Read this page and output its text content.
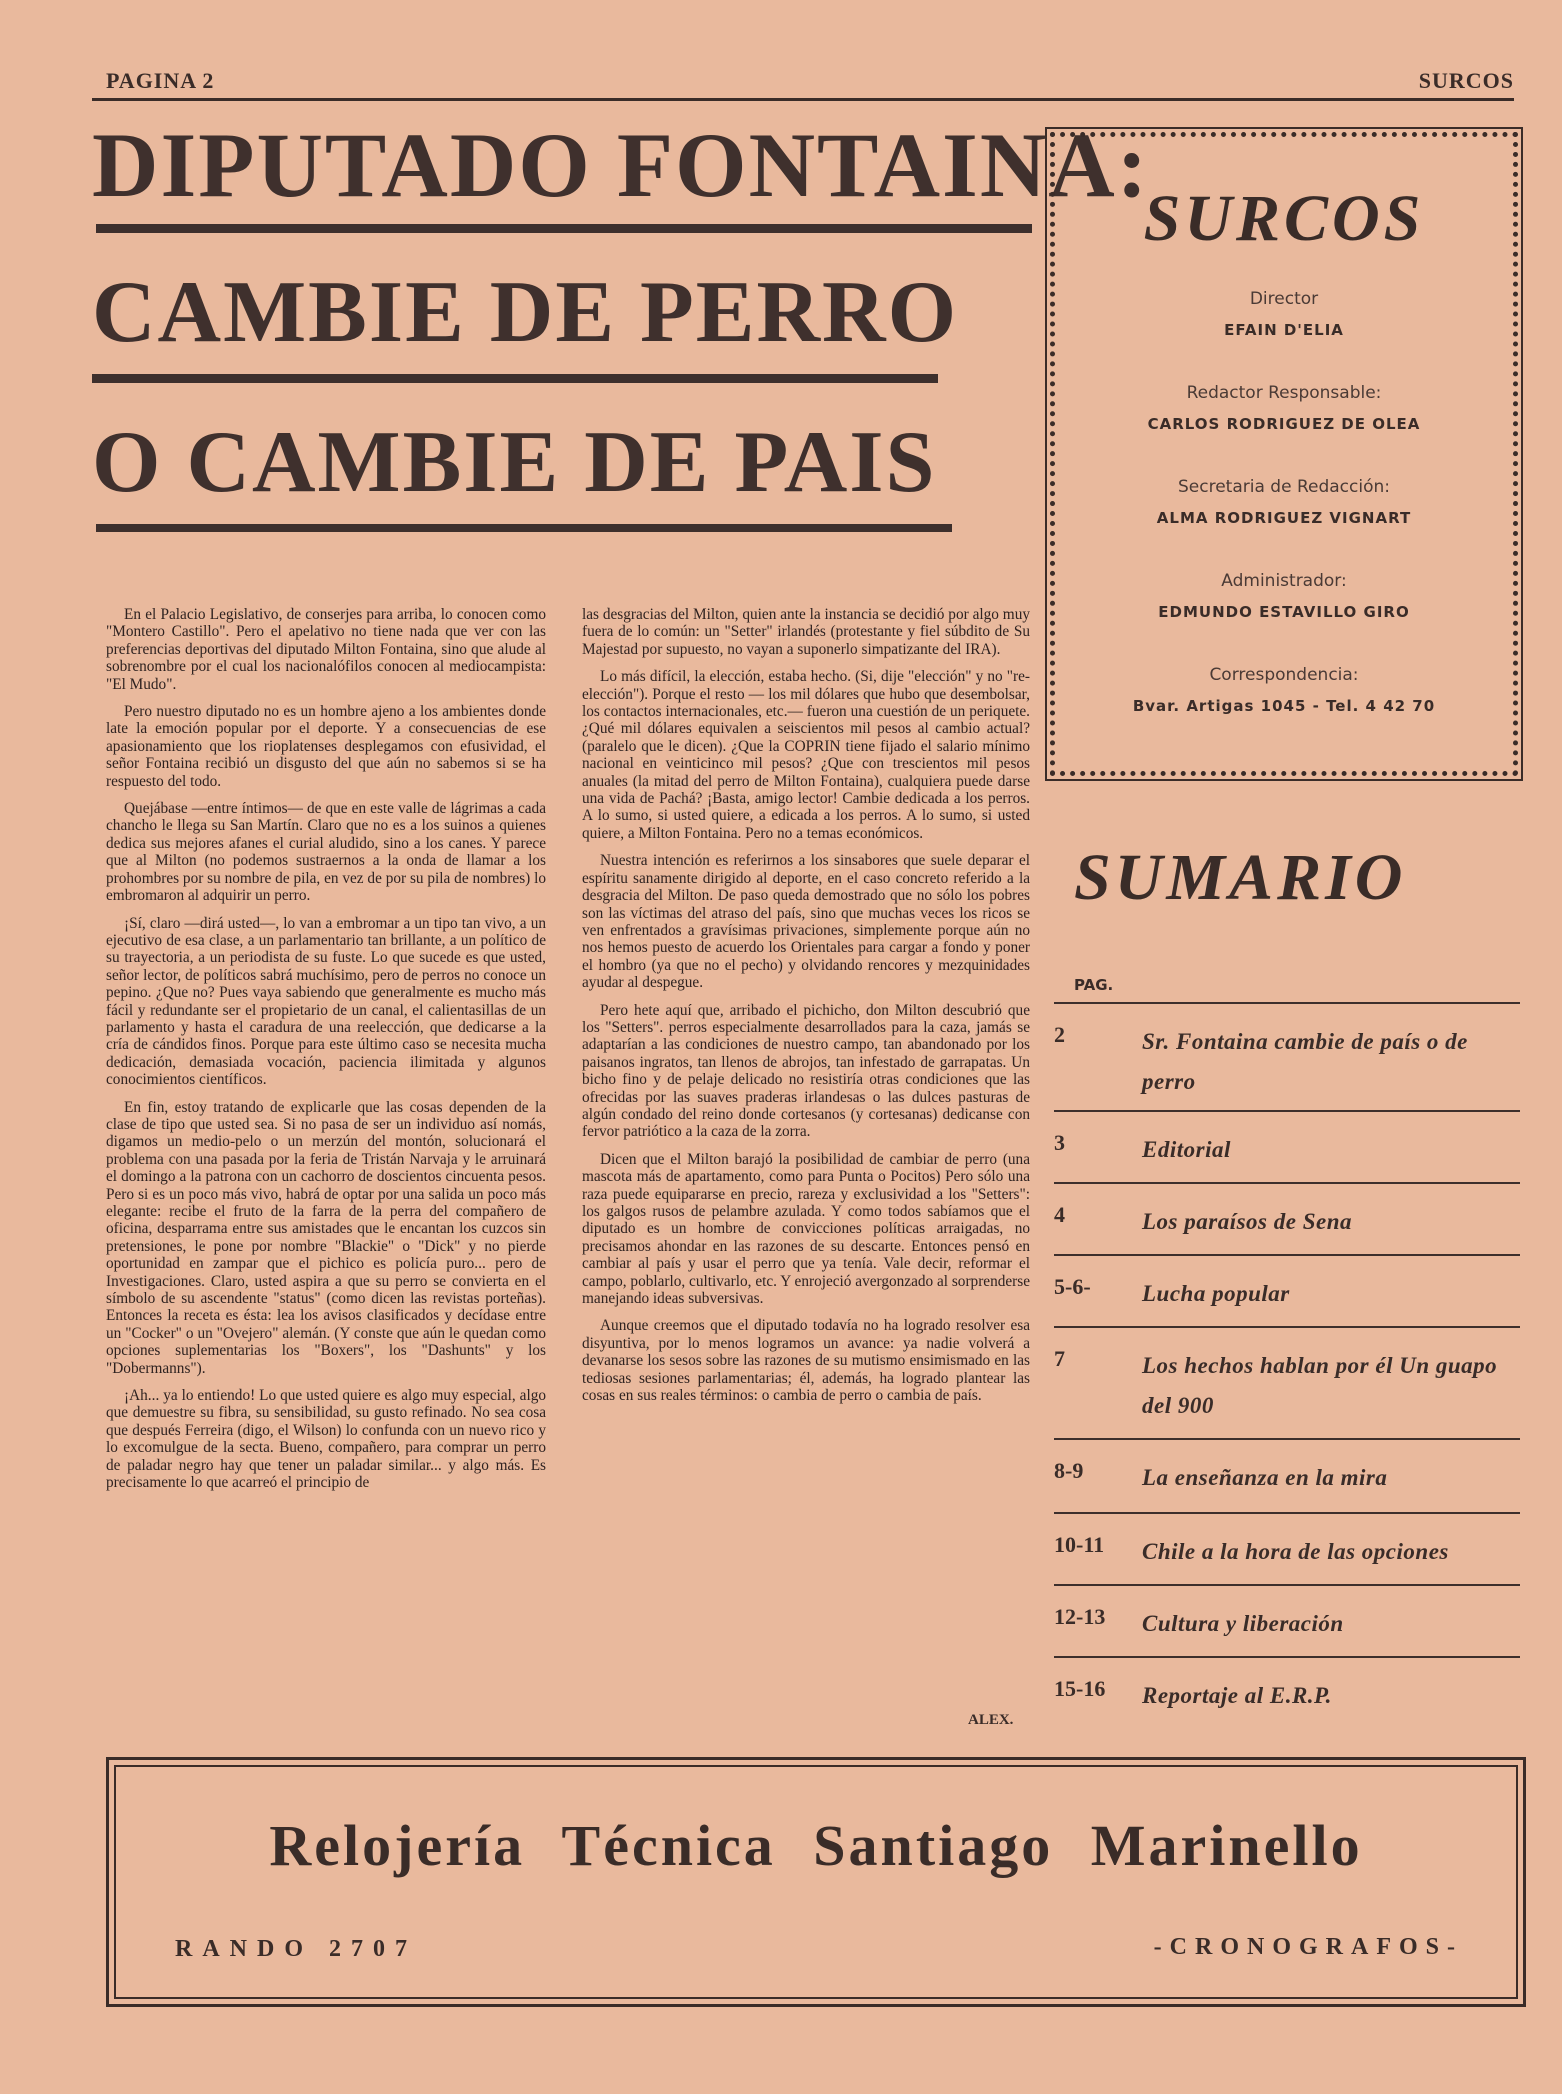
PAGINA 2	SURCOS
DIPUTADO FONTAINA:
CAMBIE DE PERRO
O CAMBIE DE PAIS
SURCOS
Director
EFAIN D'ELIA
Redactor Responsable:
CARLOS RODRIGUEZ DE OLEA
Secretaria de Redacción:
ALMA RODRIGUEZ VIGNART
Administrador:
EDMUNDO ESTAVILLO GIRO
Correspondencia:
Bvar. Artigas 1045 - Tel. 4 42 70
SUMARIO
PAG.
2	Sr. Fontaina cambie de país o de perro
3	Editorial
4	Los paraísos de Sena
5-6- Lucha popular
7	Los hechos hablan por él Un guapo del 900
8-9	La enseñanza en la mira
10-11 Chile a la hora de las opciones
12-13 Cultura y liberación
15-16 Reportaje al E.R.P.

En el Palacio Legislativo, de conserjes para arriba, lo conocen como "Montero Castillo". Pero el apelativo no tiene nada que ver con las preferencias deportivas del diputado Milton Fontaina, sino que alude al sobrenombre por el cual los nacionalófilos conocen al mediocampista: "El Mudo".

Pero nuestro diputado no es un hombre ajeno a los ambientes donde late la emoción popular por el deporte. Y a consecuencias de ese apasionamiento que los rioplatenses desplegamos con efusividad, el señor Fontaina recibió un disgusto del que aún no sabemos si se ha respuesto del todo.

Quejábase —entre íntimos— de que en este valle de lágrimas a cada chancho le llega su San Martín. Claro que no es a los suinos a quienes dedica sus mejores afanes el curial aludido, sino a los canes. Y parece que al Milton (no podemos sustraernos a la onda de llamar a los prohombres por su nombre de pila, en vez de por su pila de nombres) lo embromaron al adquirir un perro.

¡Sí, claro —dirá usted—, lo van a embromar a un tipo tan vivo, a un ejecutivo de esa clase, a un parlamentario tan brillante, a un político de su trayectoria, a un periodista de su fuste. Lo que sucede es que usted, señor lector, de políticos sabrá muchísimo, pero de perros no conoce un pepino. ¿Que no? Pues vaya sabiendo que generalmente es mucho más fácil y redundante ser el propietario de un canal, el calientasillas de un parlamento y hasta el caradura de una reelección, que dedicarse a la cría de cándidos finos. Porque para este último caso se necesita mucha dedicación, demasiada vocación, paciencia ilimitada y algunos conocimientos científicos.

En fin, estoy tratando de explicarle que las cosas dependen de la clase de tipo que usted sea. Si no pasa de ser un individuo así nomás, digamos un medio-pelo o un merzún del montón, solucionará el problema con una pasada por la feria de Tristán Narvaja y le arruinará el domingo a la patrona con un cachorro de doscientos cincuenta pesos. Pero si es un poco más vivo, habrá de optar por una salida un poco más elegante: recibe el fruto de la farra de la perra del compañero de oficina, desparrama entre sus amistades que le encantan los cuzcos sin pretensiones, le pone por nombre "Blackie" o "Dick" y no pierde oportunidad en zampar que el pichico es policía puro... pero de Investigaciones. Claro, usted aspira a que su perro se convierta en el símbolo de su ascendente "status" (como dicen las revistas porteñas). Entonces la receta es ésta: lea los avisos clasificados y decídase entre un "Cocker" o un "Ovejero" alemán. (Y conste que aún le quedan como opciones suplementarias los "Boxers", los "Dashunts" y los "Dobermanns").

¡Ah... ya lo entiendo! Lo que usted quiere es algo muy especial, algo que demuestre su fibra, su sensibilidad, su gusto refinado. No sea cosa que después Ferreira (digo, el Wilson) lo confunda con un nuevo rico y lo excomulgue de la secta. Bueno, compañero, para comprar un perro de paladar negro hay que tener un paladar similar... y algo más. Es precisamente lo que acarreó el principio de

las desgracias del Milton, quien ante la instancia se decidió por algo muy fuera de lo común: un "Setter" irlandés (protestante y fiel súbdito de Su Majestad por supuesto, no vayan a suponerlo simpatizante del IRA).

Lo más difícil, la elección, estaba hecho. (Si, dije "elección" y no "re-elección"). Porque el resto — los mil dólares que hubo que desembolsar, los contactos internacionales, etc.— fueron una cuestión de un periquete. ¿Qué mil dólares equivalen a seiscientos mil pesos al cambio actual? (paralelo que le dicen). ¿Que la COPRIN tiene fijado el salario mínimo nacional en veinticinco mil pesos? ¿Que con trescientos mil pesos anuales (la mitad del perro de Milton Fontaina), cualquiera puede darse una vida de Pachá? ¡Basta, amigo lector! Cambie dedicada a los perros. A lo sumo, si usted quiere, a edicada a los perros. A lo sumo, si usted quiere, a Milton Fontaina. Pero no a temas económicos.

Nuestra intención es referirnos a los sinsabores que suele deparar el espíritu sanamente dirigido al deporte, en el caso concreto referido a la desgracia del Milton. De paso queda demostrado que no sólo los pobres son las víctimas del atraso del país, sino que muchas veces los ricos se ven enfrentados a gravísimas privaciones, simplemente porque aún no nos hemos puesto de acuerdo los Orientales para cargar a fondo y poner el hombro (ya que no el pecho) y olvidando rencores y mezquinidades ayudar al despegue.

Pero hete aquí que, arribado el pichicho, don Milton descubrió que los "Setters". perros especialmente desarrollados para la caza, jamás se adaptarían a las condiciones de nuestro campo, tan abandonado por los paisanos ingratos, tan llenos de abrojos, tan infestado de garrapatas. Un bicho fino y de pelaje delicado no resistiría otras condiciones que las ofrecidas por las suaves praderas irlandesas o las dulces pasturas de algún condado del reino donde cortesanos (y cortesanas) dedicanse con fervor patriótico a la caza de la zorra.

Dicen que el Milton barajó la posibilidad de cambiar de perro (una mascota más de apartamento, como para Punta o Pocitos) Pero sólo una raza puede equipararse en precio, rareza y exclusividad a los "Setters": los galgos rusos de pelambre azulada. Y como todos sabíamos que el diputado es un hombre de convicciones políticas arraigadas, no precisamos ahondar en las razones de su descarte. Entonces pensó en cambiar al país y usar el perro que ya tenía. Vale decir, reformar el campo, poblarlo, cultivarlo, etc. Y enrojeció avergonzado al sorprenderse manejando ideas subversivas.

Aunque creemos que el diputado todavía no ha logrado resolver esa disyuntiva, por lo menos logramos un avance: ya nadie volverá a devanarse los sesos sobre las razones de su mutismo ensimismado en las tediosas sesiones parlamentarias; él, además, ha logrado plantear las cosas en sus reales términos: o cambia de perro o cambia de país.

ALEX.
Relojería Técnica Santiago Marinello
RANDO 2707	-CRONOGRAFOS-
